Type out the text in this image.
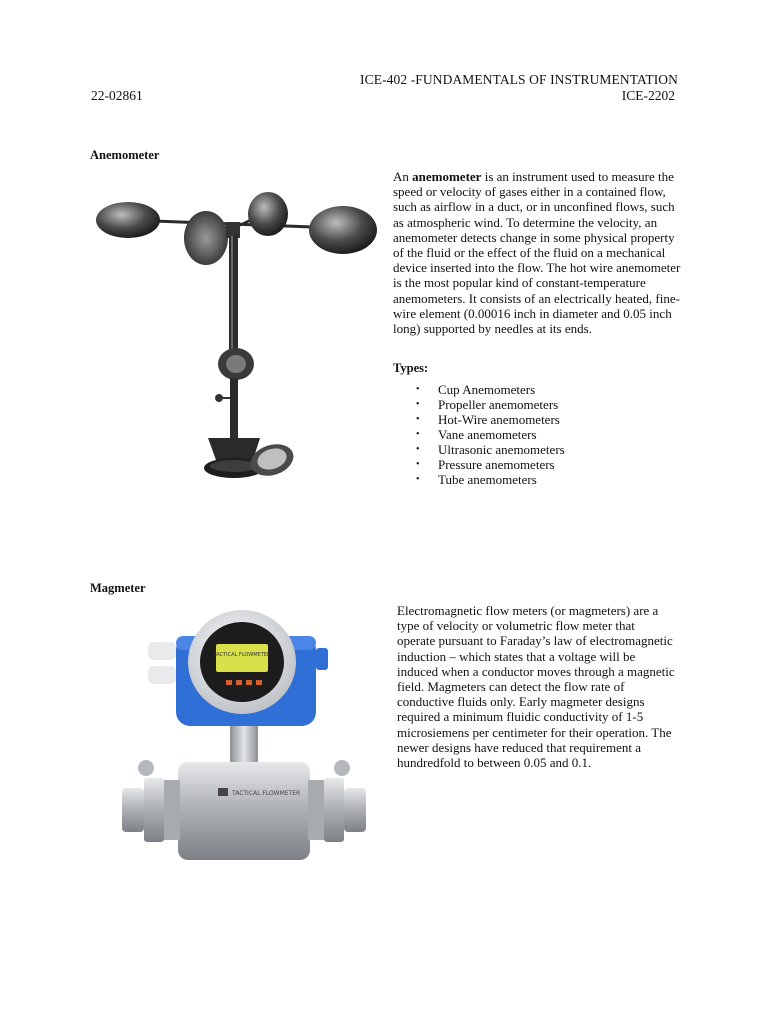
ICE-402 -FUNDAMENTALS OF INSTRUMENTATION
22-02861	ICE-2202
Anemometer
An anemometer is an instrument used to measure the speed or velocity of gases either in a contained flow, such as airflow in a duct, or in unconfined flows, such as atmospheric wind. To determine the velocity, an anemometer detects change in some physical property of the fluid or the effect of the fluid on a mechanical device inserted into the flow. The hot wire anemometer is the most popular kind of constant-temperature anemometers. It consists of an electrically heated, fine-wire element (0.00016 inch in diameter and 0.05 inch long) supported by needles at its ends.
Types:
• Cup Anemometers
• Propeller anemometers
• Hot-Wire anemometers
• Vane anemometers
• Ultrasonic anemometers
• Pressure anemometers
• Tube anemometers
Magmeter
TACTICAL FLOWMETER
TACTICAL FLOWMETER
Electromagnetic flow meters (or magmeters) are a type of velocity or volumetric flow meter that operate pursuant to Faraday’s law of electromagnetic induction – which states that a voltage will be induced when a conductor moves through a magnetic field. Magmeters can detect the flow rate of conductive fluids only. Early magmeter designs required a minimum fluidic conductivity of 1-5 microsiemens per centimeter for their operation. The newer designs have reduced that requirement a hundredfold to between 0.05 and 0.1.
